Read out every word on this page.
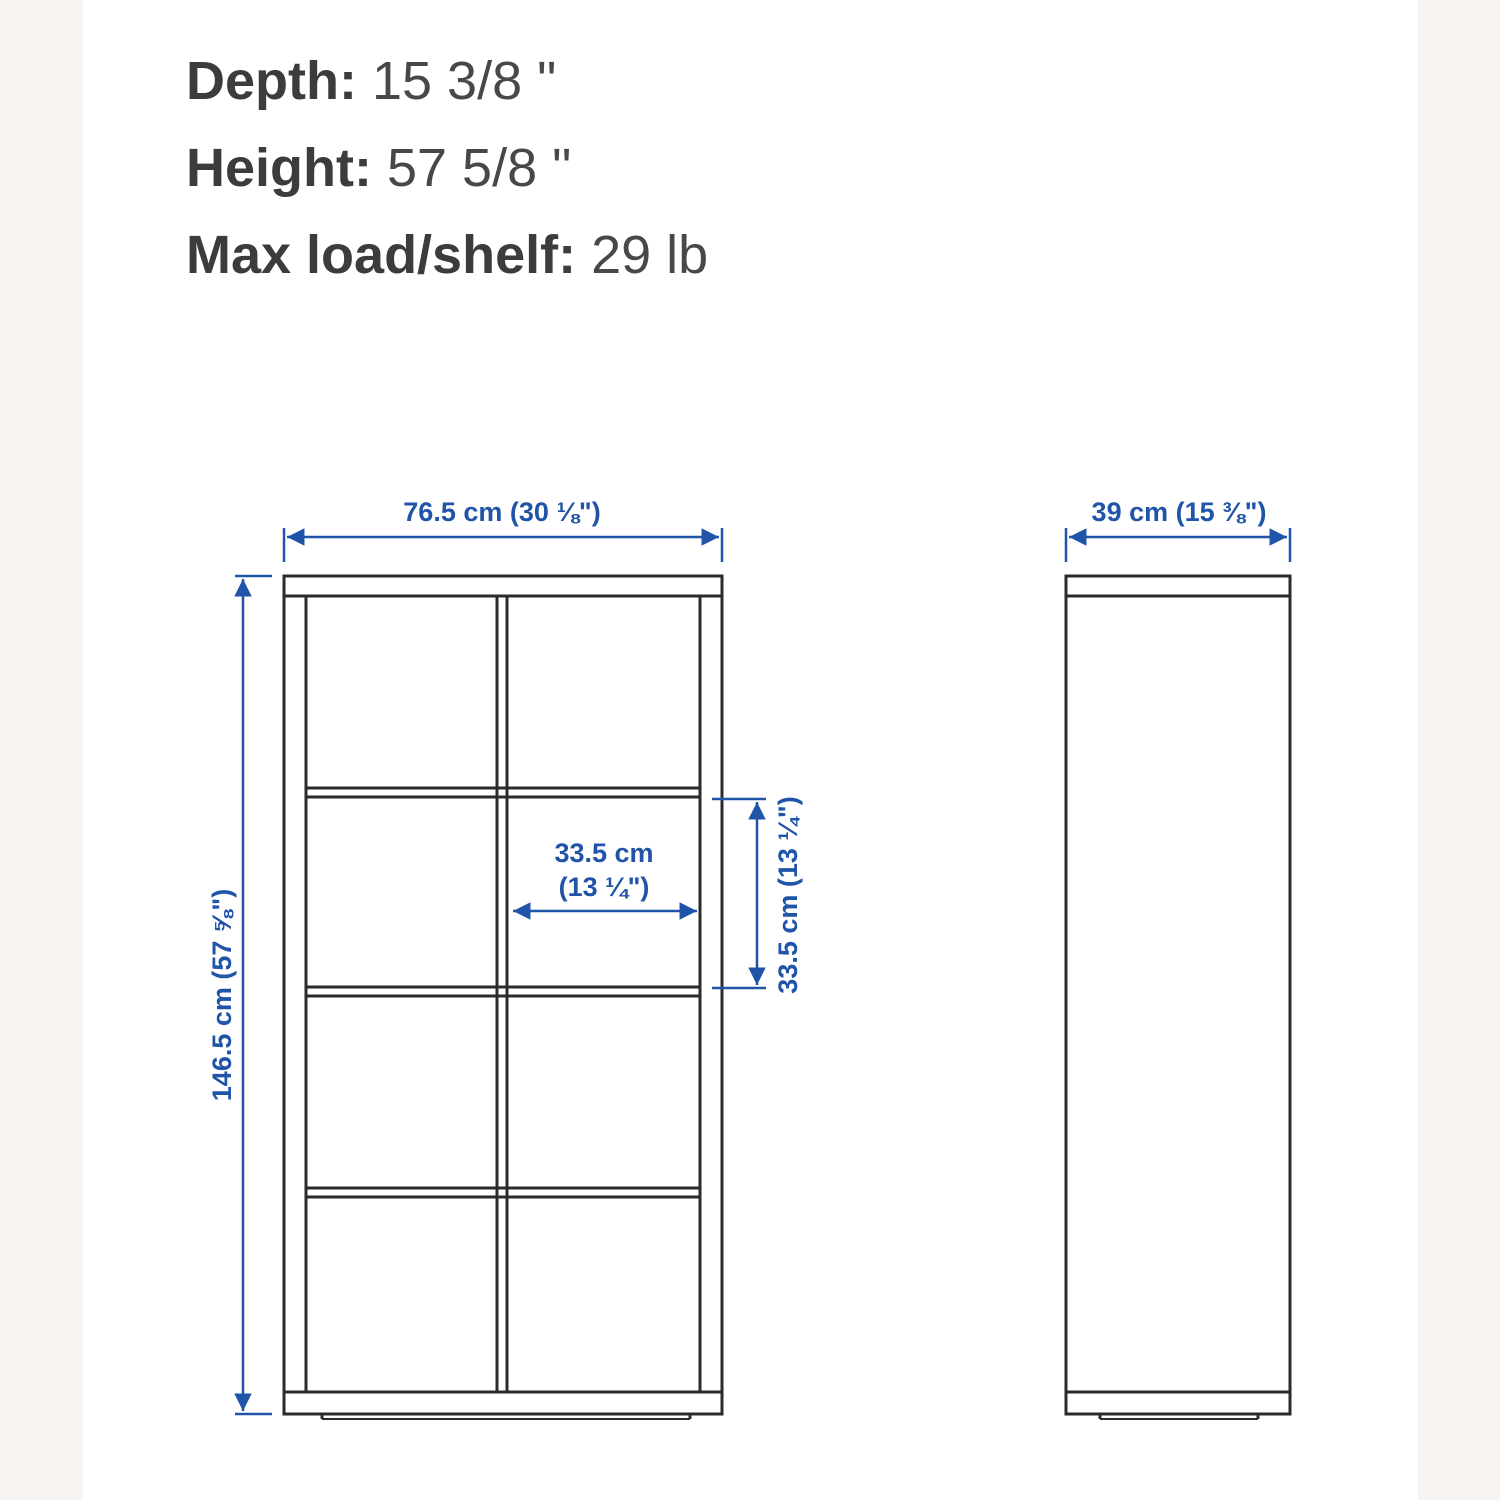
Depth: 15 3/8 "
Height: 57 5/8 "
Max load/shelf: 29 lb
76.5 cm (30 ⅛")	39 cm (15 ⅜")
33.5 cm
(13 ¼")
146.5 cm (57 ⅝")	33.5 cm (13 ¼")
